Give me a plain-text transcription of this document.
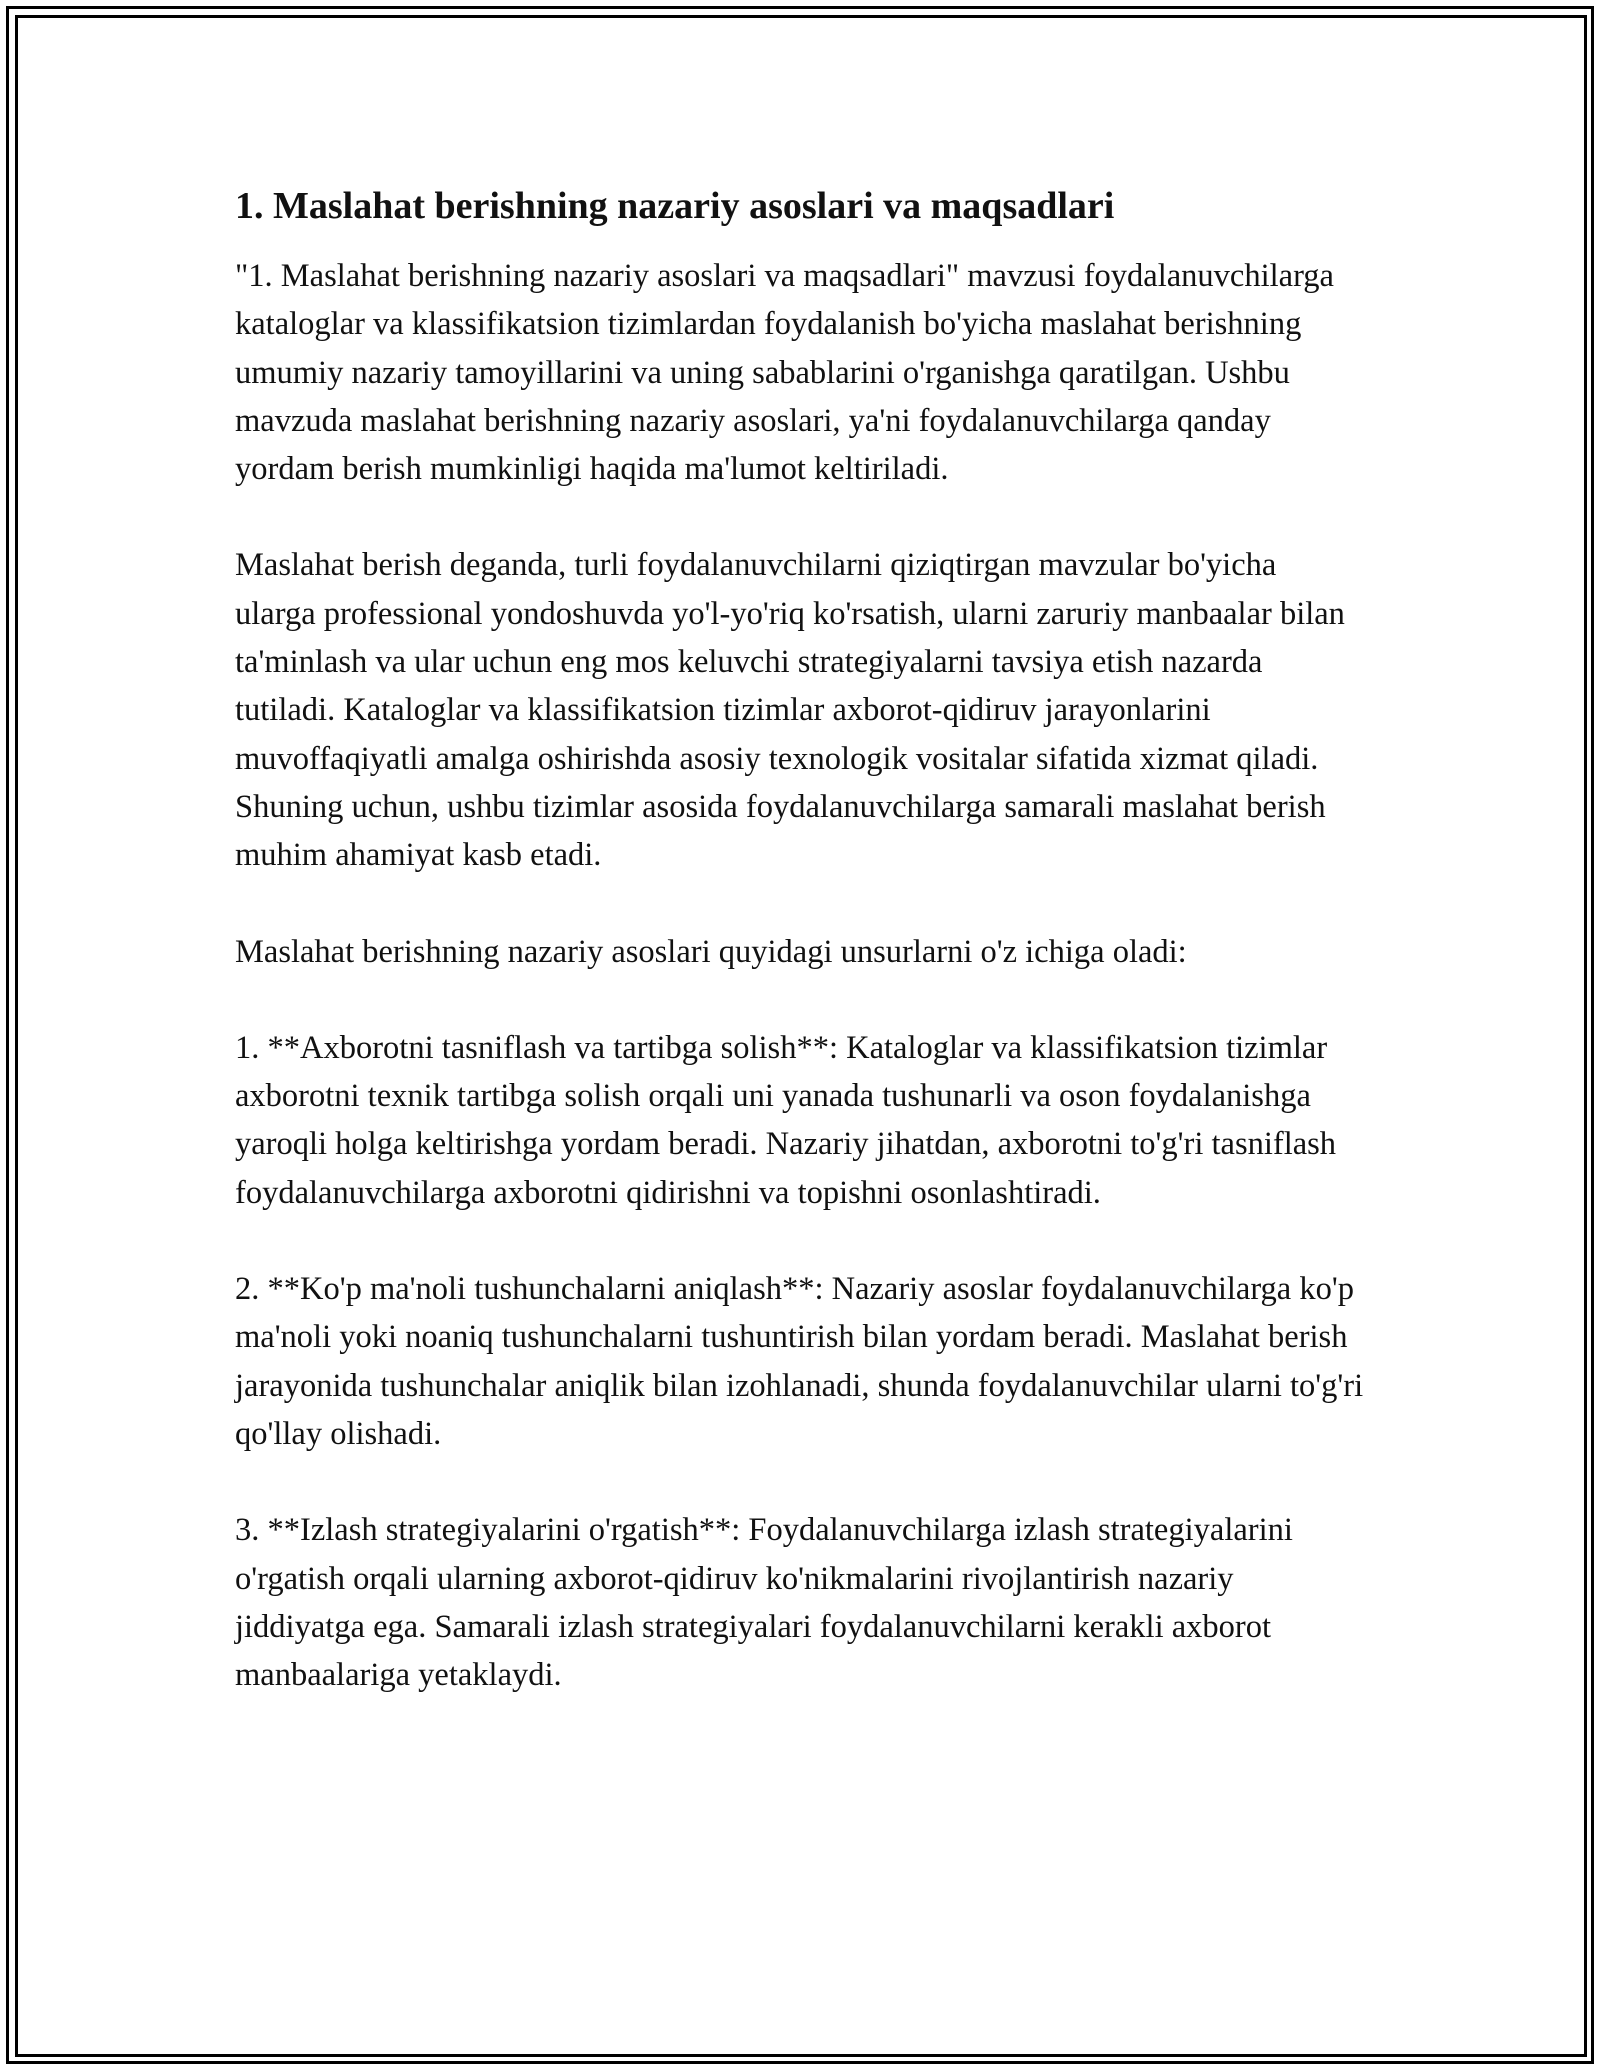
1. Maslahat berishning nazariy asoslari va maqsadlari

"1. Maslahat berishning nazariy asoslari va maqsadlari" mavzusi foydalanuvchilarga kataloglar va klassifikatsion tizimlardan foydalanish bo'yicha maslahat berishning umumiy nazariy tamoyillarini va uning sabablarini o'rganishga qaratilgan. Ushbu mavzuda maslahat berishning nazariy asoslari, ya'ni foydalanuvchilarga qanday yordam berish mumkinligi haqida ma'lumot keltiriladi.

Maslahat berish deganda, turli foydalanuvchilarni qiziqtirgan mavzular bo'yicha ularga professional yondoshuvda yo'l-yo'riq ko'rsatish, ularni zaruriy manbaalar bilan ta'minlash va ular uchun eng mos keluvchi strategiyalarni tavsiya etish nazarda tutiladi. Kataloglar va klassifikatsion tizimlar axborot-qidiruv jarayonlarini muvoffaqiyatli amalga oshirishda asosiy texnologik vositalar sifatida xizmat qiladi. Shuning uchun, ushbu tizimlar asosida foydalanuvchilarga samarali maslahat berish muhim ahamiyat kasb etadi.

Maslahat berishning nazariy asoslari quyidagi unsurlarni o'z ichiga oladi:

1. **Axborotni tasniflash va tartibga solish**: Kataloglar va klassifikatsion tizimlar axborotni texnik tartibga solish orqali uni yanada tushunarli va oson foydalanishga yaroqli holga keltirishga yordam beradi. Nazariy jihatdan, axborotni to'g'ri tasniflash foydalanuvchilarga axborotni qidirishni va topishni osonlashtiradi.

2. **Ko'p ma'noli tushunchalarni aniqlash**: Nazariy asoslar foydalanuvchilarga ko'p ma'noli yoki noaniq tushunchalarni tushuntirish bilan yordam beradi. Maslahat berish jarayonida tushunchalar aniqlik bilan izohlanadi, shunda foydalanuvchilar ularni to'g'ri qo'llay olishadi.

3. **Izlash strategiyalarini o'rgatish**: Foydalanuvchilarga izlash strategiyalarini o'rgatish orqali ularning axborot-qidiruv ko'nikmalarini rivojlantirish nazariy jiddiyatga ega. Samarali izlash strategiyalari foydalanuvchilarni kerakli axborot manbaalariga yetaklaydi.
